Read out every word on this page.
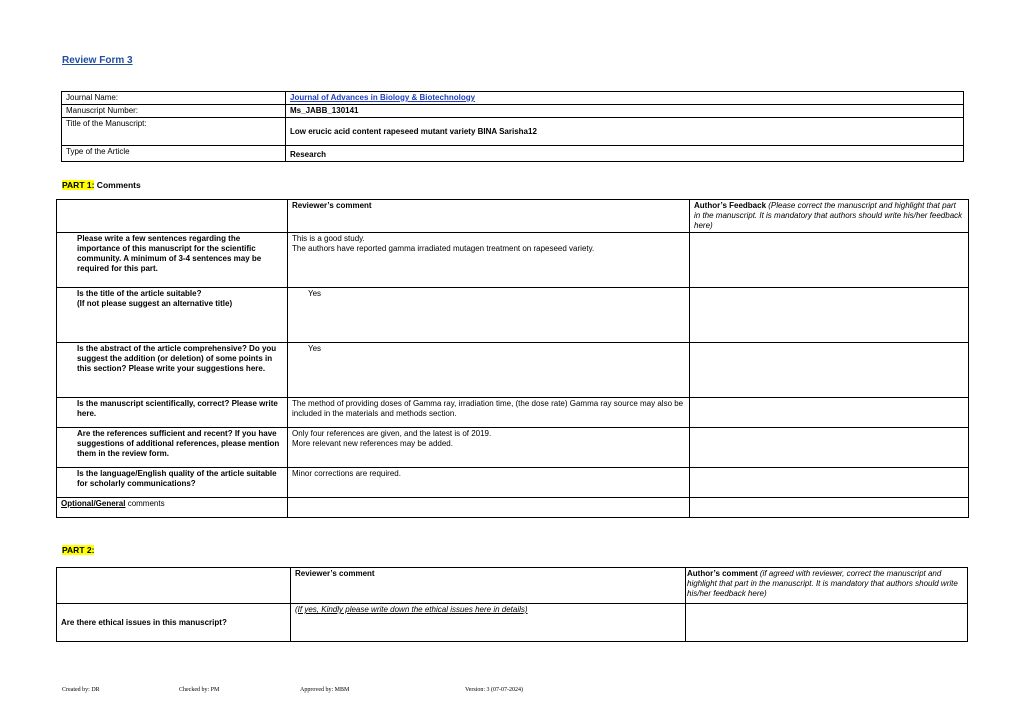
Review Form 3
Journal Name:	Journal of Advances in Biology & Biotechnology
Manuscript Number:	Ms_JABB_130141
Title of the Manuscript:	Low erucic acid content rapeseed mutant variety BINA Sarisha12
Type of the Article	Research
PART 1: Comments
	Reviewer’s comment	Author’s Feedback (Please correct the manuscript and highlight that part in the manuscript. It is mandatory that authors should write his/her feedback here)
Please write a few sentences regarding the importance of this manuscript for the scientific community. A minimum of 3-4 sentences may be required for this part.	This is a good study.
The authors have reported gamma irradiated mutagen treatment on rapeseed variety.	

Is the title of the article suitable?
(If not please suggest an alternative title)	Yes	
Is the abstract of the article comprehensive? Do you suggest the addition (or deletion) of some points in this section? Please write your suggestions here.	Yes	
Is the manuscript scientifically, correct? Please write here.	The method of providing doses of Gamma ray, irradiation time, (the dose rate) Gamma ray source may also be included in the materials and methods section.	
Are the references sufficient and recent? If you have suggestions of additional references, please mention them in the review form.	Only four references are given, and the latest is of 2019.
More relevant new references may be added.	

Is the language/English quality of the article suitable for scholarly communications?	Minor corrections are required.	
Optional/General comments		
PART 2:
	Reviewer’s comment	Author’s comment (if agreed with reviewer, correct the manuscript and highlight that part in the manuscript. It is mandatory that authors should write his/her feedback here)
Are there ethical issues in this manuscript?	(If yes, Kindly please write down the ethical issues here in details)	
Created by: DR	Checked by: PM	Approved by: MBM	Version: 3 (07-07-2024)
